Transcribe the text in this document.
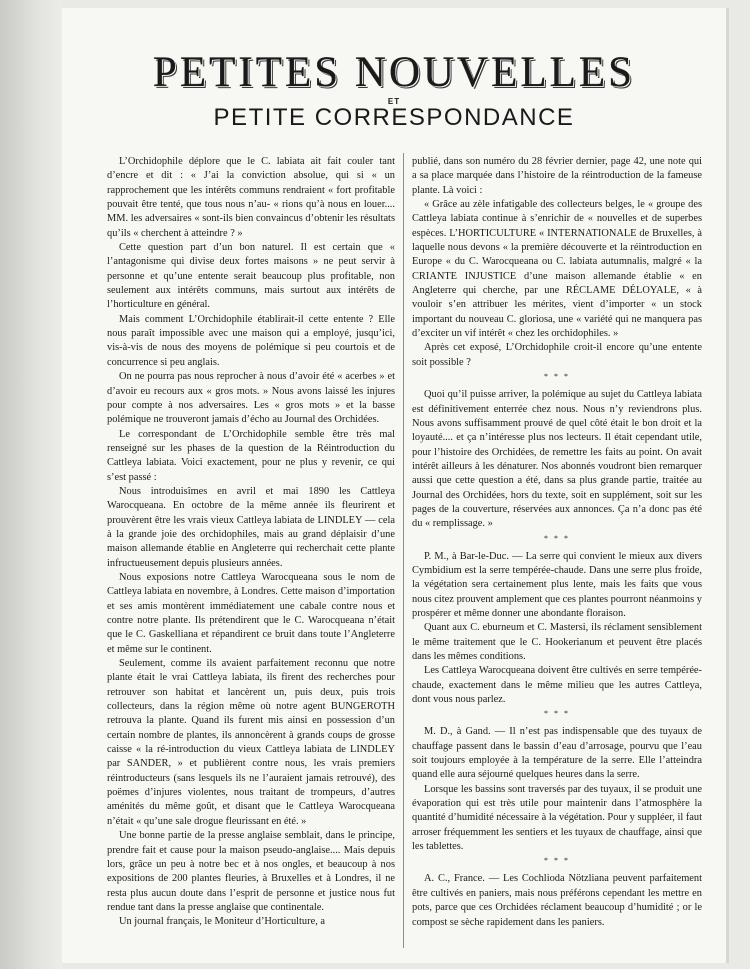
PETITES NOUVELLES
ET
PETITE CORRESPONDANCE

L’Orchidophile déplore que le C. labiata ait fait couler tant d’encre et dit : « J’ai la conviction absolue, qui si « un rapprochement que les intérêts communs rendraient « fort profitable pouvait être tenté, que tous nous n’au- « rions qu’à nous en louer.... MM. les adversaires « sont-ils bien convaincus d’obtenir les résultats qu’ils « cherchent à atteindre ? »

Cette question part d’un bon naturel. Il est certain que « l’antagonisme qui divise deux fortes maisons » ne peut servir à personne et qu’une entente serait beaucoup plus profitable, non seulement aux intérêts communs, mais surtout aux intérêts de l’horticulture en général.

Mais comment L’Orchidophile établirait-il cette entente ? Elle nous paraît impossible avec une maison qui a employé, jusqu’ici, vis-à-vis de nous des moyens de polémique si peu courtois et de concurrence si peu anglais.

On ne pourra pas nous reprocher à nous d’avoir été « acerbes » et d’avoir eu recours aux « gros mots. » Nous avons laissé les injures pour compte à nos adversaires. Les « gros mots » et la basse polémique ne trouveront jamais d’écho au Journal des Orchidées.

Le correspondant de L’Orchidophile semble être très mal renseigné sur les phases de la question de la Réintroduction du Cattleya labiata. Voici exactement, pour ne plus y revenir, ce qui s’est passé :

Nous introduisîmes en avril et mai 1890 les Cattleya Warocqueana. En octobre de la même année ils fleurirent et prouvèrent être les vrais vieux Cattleya labiata de LINDLEY — cela à la grande joie des orchidophiles, mais au grand déplaisir d’une maison allemande établie en Angleterre qui recherchait cette plante infructueusement depuis plusieurs années.

Nous exposions notre Cattleya Warocqueana sous le nom de Cattleya labiata en novembre, à Londres. Cette maison d’importation et ses amis montèrent immédiatement une cabale contre nous et contre notre plante. Ils prétendirent que le C. Warocqueana n’était que le C. Gaskelliana et répandirent ce bruit dans toute l’Angleterre et même sur le continent.

Seulement, comme ils avaient parfaitement reconnu que notre plante était le vrai Cattleya labiata, ils firent des recherches pour retrouver son habitat et lancèrent un, puis deux, puis trois collecteurs, dans la région même où notre agent BUNGEROTH retrouva la plante. Quand ils furent mis ainsi en possession d’un certain nombre de plantes, ils annoncèrent à grands coups de grosse caisse « la ré-introduction du vieux Cattleya labiata de LINDLEY par SANDER, » et publièrent contre nous, les vrais premiers réintroducteurs (sans lesquels ils ne l’auraient jamais retrouvé), des poëmes d’injures violentes, nous traitant de trompeurs, d’autres aménités du même goût, et disant que le Cattleya Warocqueana n’était « qu’une sale drogue fleurissant en été. »

Une bonne partie de la presse anglaise semblait, dans le principe, prendre fait et cause pour la maison pseudo-anglaise.... Mais depuis lors, grâce un peu à notre bec et à nos ongles, et beaucoup à nos expositions de 200 plantes fleuries, à Bruxelles et à Londres, il ne resta plus aucun doute dans l’esprit de personne et justice nous fut rendue tant dans la presse anglaise que continentale.

Un journal français, le Moniteur d’Horticulture, a

publié, dans son numéro du 28 février dernier, page 42, une note qui a sa place marquée dans l’histoire de la réintroduction de la fameuse plante. Là voici :

« Grâce au zèle infatigable des collecteurs belges, le « groupe des Cattleya labiata continue à s’enrichir de « nouvelles et de superbes espèces. L’HORTICULTURE « INTERNATIONALE de Bruxelles, à laquelle nous devons « la première découverte et la réintroduction en Europe « du C. Warocqueana ou C. labiata autumnalis, malgré « la CRIANTE INJUSTICE d’une maison allemande établie « en Angleterre qui cherche, par une RÉCLAME DÉLOYALE, « à vouloir s’en attribuer les mérites, vient d’importer « un stock important du nouveau C. gloriosa, une « variété qui ne manquera pas d’exciter un vif intérêt « chez les orchidophiles. »

Après cet exposé, L’Orchidophile croit-il encore qu’une entente soit possible ?

* * *

Quoi qu’il puisse arriver, la polémique au sujet du Cattleya labiata est définitivement enterrée chez nous. Nous n’y reviendrons plus. Nous avons suffisamment prouvé de quel côté était le bon droit et la loyauté.... et ça n’intéresse plus nos lecteurs. Il était cependant utile, pour l’histoire des Orchidées, de remettre les faits au point. On avait intérêt ailleurs à les dénaturer. Nos abonnés voudront bien remarquer aussi que cette question a été, dans sa plus grande partie, traitée au Journal des Orchidées, hors du texte, soit en supplément, soit sur les pages de la couverture, réservées aux annonces. Ça n’a donc pas été du « remplissage. »

* * *

P. M., à Bar-le-Duc. — La serre qui convient le mieux aux divers Cymbidium est la serre tempérée-chaude. Dans une serre plus froide, la végétation sera certainement plus lente, mais les faits que vous nous citez prouvent amplement que ces plantes pourront néanmoins y prospérer et même donner une abondante floraison.

Quant aux C. eburneum et C. Mastersi, ils réclament sensiblement le même traitement que le C. Hookerianum et peuvent être placés dans les mêmes conditions.

Les Cattleya Warocqueana doivent être cultivés en serre tempérée-chaude, exactement dans le même milieu que les autres Cattleya, dont vous nous parlez.

* * *

M. D., à Gand. — Il n’est pas indispensable que des tuyaux de chauffage passent dans le bassin d’eau d’arrosage, pourvu que l’eau soit toujours employée à la température de la serre. Elle l’atteindra quand elle aura séjourné quelques heures dans la serre.

Lorsque les bassins sont traversés par des tuyaux, il se produit une évaporation qui est très utile pour maintenir dans l’atmosphère la quantité d’humidité nécessaire à la végétation. Pour y suppléer, il faut arroser fréquemment les sentiers et les tuyaux de chauffage, ainsi que les tablettes.

* * *

A. C., France. — Les Cochlioda Nötzliana peuvent parfaitement être cultivés en paniers, mais nous préférons cependant les mettre en pots, parce que ces Orchidées réclament beaucoup d’humidité ; or le compost se sèche rapidement dans les paniers.
